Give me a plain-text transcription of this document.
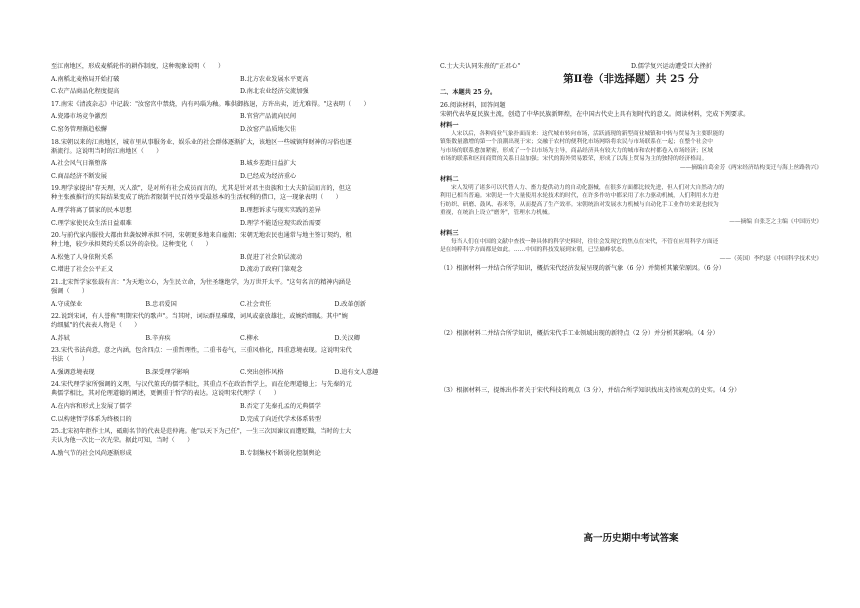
至江南地区，形成麦稻轮作的耕作制度，这种现象说明（　　）
A.南稻北麦格局开始打破	B.北方农业发展水平更高
C.农产品商品化程度提高	D.南北农业经济交流加强
17.南宋《清波杂志》中记载："汝窑宫中禁烧，内有玛瑙为釉。唯供御拣退，方许出卖，近尤难得。"这表明（　　）
A.瓷器市场竞争激烈	B.官营产品流向民间
C.窑务管理渐趋松懈	D.汝窑产品质地欠佳
18.宋朝以来的江南地区，城市里从事服务业、娱乐业的社会群体逐渐扩大，该地区一些城镇拜财神的习俗也逐
渐流行。这说明当时的江南地区（　　）
A.社会风气日渐堕落	B.城乡差距日益扩大
C.商品经济不断发展	D.已经成为经济重心
19.理学家提出"存天理，灭人欲"，是对所有社会成员而言的，尤其是针对君主贵族和士大夫阶层而言的，但这
种主张被推行的实际结果变成了统治者限制平民百姓享受最基本的生活权利的借口，这一现象表明（　　）
A.理学将离了儒家的民本思想	B.理想诉求与现实实践的差异
C.理学家使民众生活日益艰难	D.理学不能适应现实政治需要
20.与前代家内服役大都由世袭奴婢承担不同，宋朝更多地来自雇佣；宋朝无地农民也通常与地主签订契约，租
种土地，较少承担契约关系以外的杂役。这种变化（　　）
A.松弛了人身依附关系	B.促进了社会阶层流动
C.增进了社会公平正义	D.流动了政府门第观念
21.北宋哲学家张载有言："为天地立心，为生民立命，为往圣继绝学，为万世开太平。"这句名言的精神内涵是
强调（　　）
A.守成保业	B.忠君爱国	C.社会责任	D.改革创新
22.说到宋词，有人誉称"明期宋代的歌声"。当其时，词坛群星璀璨，词风或豪放雄壮，或婉约细腻。其中"婉
约细腻"的代表表人物是（　　）
A.苏轼	B.辛弃疾	C.柳永	D.关汉卿
23.宋代书法尚意，意之内涵，包含四点：一重哲理性，二重书卷气，三重风格化，四重意境表现。这说明宋代
书法（　　）
A.强调意境表现	B.深受理学影响	C.突出创作风格	D.追有文人意趣
24.宋代理学家所强调的义理，与汉代董氏的儒学相比，其重点不在政治哲学上，而在伦理道德上；与先秦的元
典儒学相比，其对伦理道德的阐述，更侧重于哲学的表达。这说明宋代理学（　　）
A.在内容和形式上发展了儒学	B.否定了先秦孔孟的元典儒学
C.以构建哲学体系为终极目的	D.完成了向近代学术体系转型
25.北宋初年拒作士风，砥砺名节的代表是范仲淹。他"以天下为己任"，一生三次因谏议而遭贬黜，当时的士大
夫认为他一次比一次光荣。据此可知，当时（　　）
A.励气节的社会风尚逐渐形成	B.专制集权不断弱化控制舆论
C.士大夫认同朱熹的"正君心"	D.儒学复兴运动遭受巨大挫折
第Ⅱ卷（非选择题）共 25 分
二、本题共 25 分。
26.阅读材料，回答问题
宋朝代表华夏民族主流，创造了中华民族新辉煌，在中国古代史上具有划时代的意义。阅读材料，完成下列要求。
材料一
人宋以后，各种商业气象扑面而来：这代城市转向市场，活跃涌现的新型商业城镇和中转与贸易为主要职能的
镇集数量激增的第一个浪潮出现于宋；交融于农村的便利化市场网络将农民与市场联系在一起；在整个社会中
与市场的联系愈加紧密，形成了一个以市场为主导，商品经济具有较大力的城市和农村都卷入市场经济；区域
市场的联系和区间商贸的关系日益加强；宋代的海外贸易繁荣，形成了以海上贸易为主的独特的经济格局。
——摘编自葛金芳《两宋经济结构变迁与海上丝路勃兴》
材料二
宋人发明了诸多可以代替人力、畜力提供动力的自动化器械，在很多方面都比较先进，但人们对大自然动力的
利用已相当普遍。宋朝是一个大量使用水轮技术的时代，在许多作坊中都采用了水力驱动机械，人们利用水力进
行纺织、研磨、鼓风、舂米等，从而提高了生产效率。宋朝统治对发展水力机械与自动化手工业作坊来说也较为
重视，在统治上设立"磨务"，管理水力机械。
——摘编 自张芝之主编《中国历史》
材料三
每当人们在中国的文献中查找一种具体的科学史料时，往往会发现它的焦点在宋代，不管在应用科学方面还
是在纯粹科学方面都是如此。……中国的科技发展到宋朝，已呈巅峰状态。
——（英国）李约瑟《中国科学技术史》
（1）根据材料一并结合所学知识，概括宋代经济发展呈现的新气象（6 分）并简析其繁荣原因。（6 分）
（2）根据材料二并结合所学知识，概括宋代手工业领域出现的新特点（2 分）并分析其影响。（4 分）
（3）根据材料三，提炼出作者关于宋代科技的观点（3 分），并结合所学知识找出支持该观点的史实。（4 分）
高一历史期中考试答案
